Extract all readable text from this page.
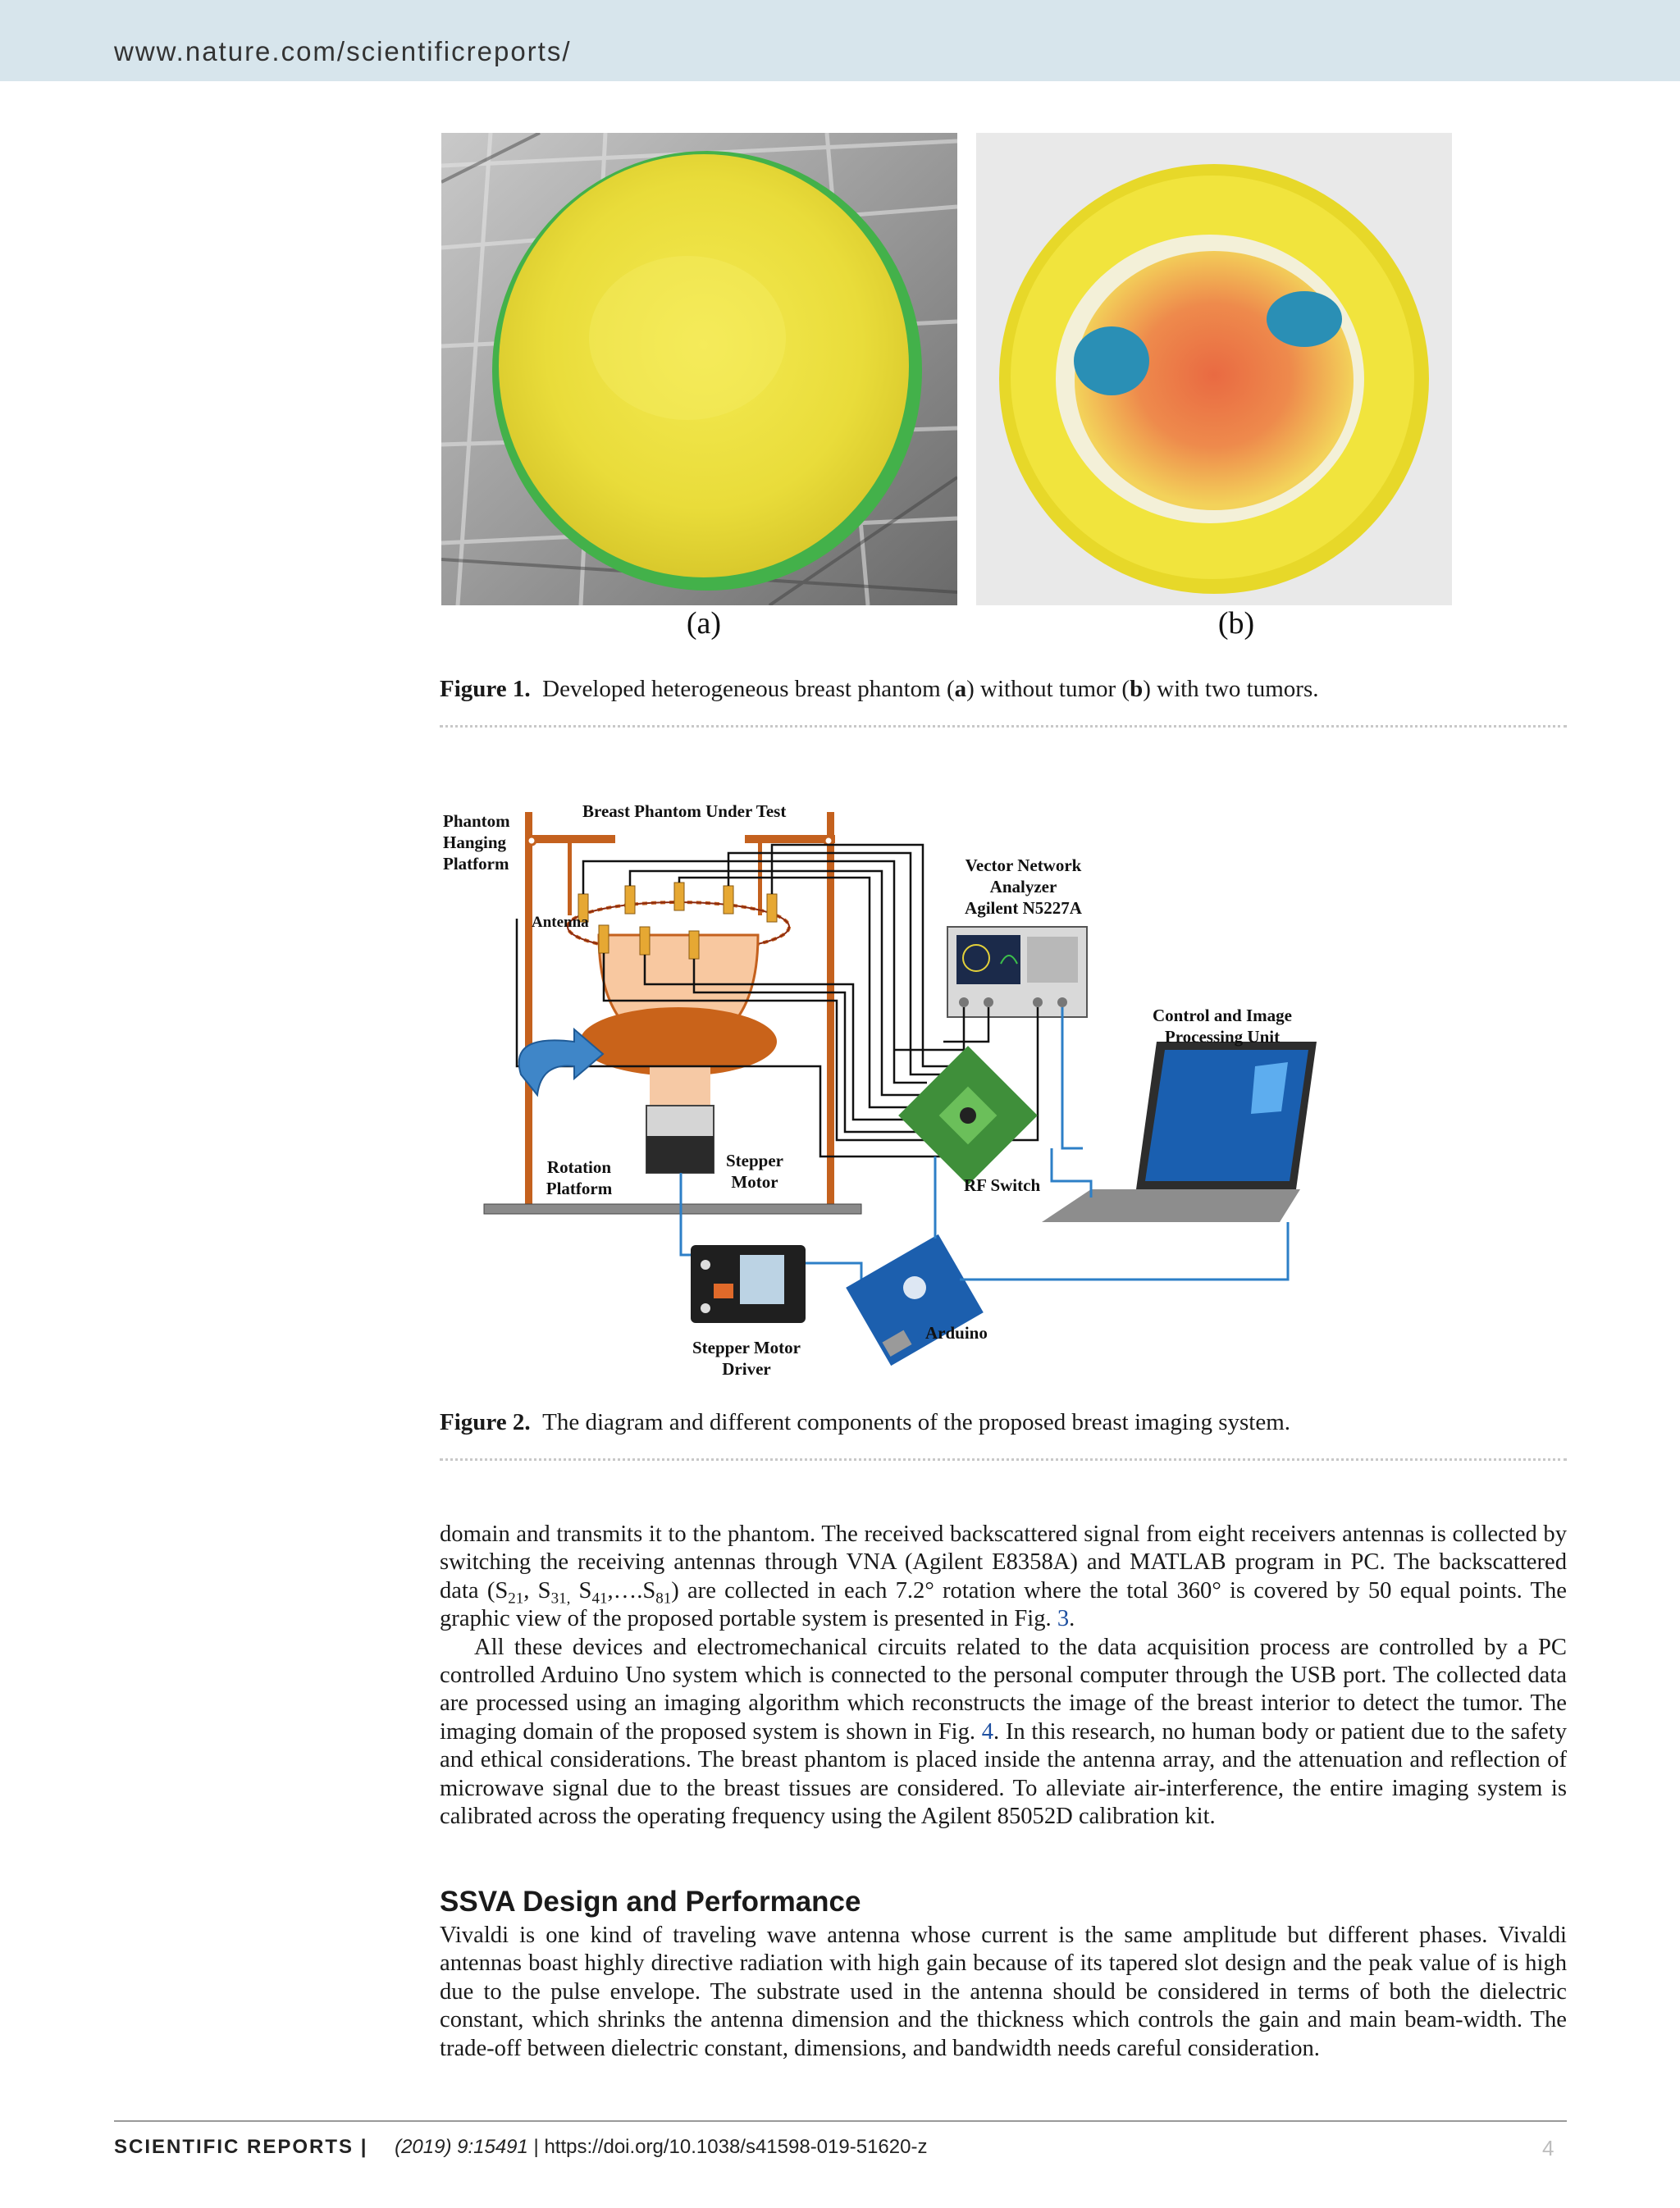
www.nature.com/scientificreports/
(a)	(b)
Figure 1. Developed heterogeneous breast phantom (a) without tumor (b) with two tumors.
Phantom
Hanging
Platform
Breast Phantom Under Test
Antenna
Vector Network
Analyzer
Agilent N5227A
Control and Image
Processing Unit
Rotation
Platform
Stepper
Motor	RF Switch
Arduino
Stepper Motor
Driver
Figure 2. The diagram and different components of the proposed breast imaging system.

domain and transmits it to the phantom. The received backscattered signal from eight receivers antennas is collected by switching the receiving antennas through VNA (Agilent E8358A) and MATLAB program in PC. The backscattered data ($S_{21}$, $S_{31,}$ $S_{41},\dots.S_{81}$) are collected in each 7.2° rotation where the total 360° is covered by 50 equal points. The graphic view of the proposed portable system is presented in Fig. 3.

All these devices and electromechanical circuits related to the data acquisition process are controlled by a PC controlled Arduino Uno system which is connected to the personal computer through the USB port. The collected data are processed using an imaging algorithm which reconstructs the image of the breast interior to detect the tumor. The imaging domain of the proposed system is shown in Fig. 4. In this research, no human body or patient due to the safety and ethical considerations. The breast phantom is placed inside the antenna array, and the attenuation and reflection of microwave signal due to the breast tissues are considered. To alleviate air-interference, the entire imaging system is calibrated across the operating frequency using the Agilent 85052D calibration kit.

SSVA Design and Performance

Vivaldi is one kind of traveling wave antenna whose current is the same amplitude but different phases. Vivaldi antennas boast highly directive radiation with high gain because of its tapered slot design and the peak value of is high due to the pulse envelope. The substrate used in the antenna should be considered in terms of both the dielectric constant, which shrinks the antenna dimension and the thickness which controls the gain and main beam-width. The trade-off between dielectric constant, dimensions, and bandwidth needs careful consideration.

SCIENTIFIC REPORTS | (2019) 9:15491 | https://doi.org/10.1038/s41598-019-51620-z	4
